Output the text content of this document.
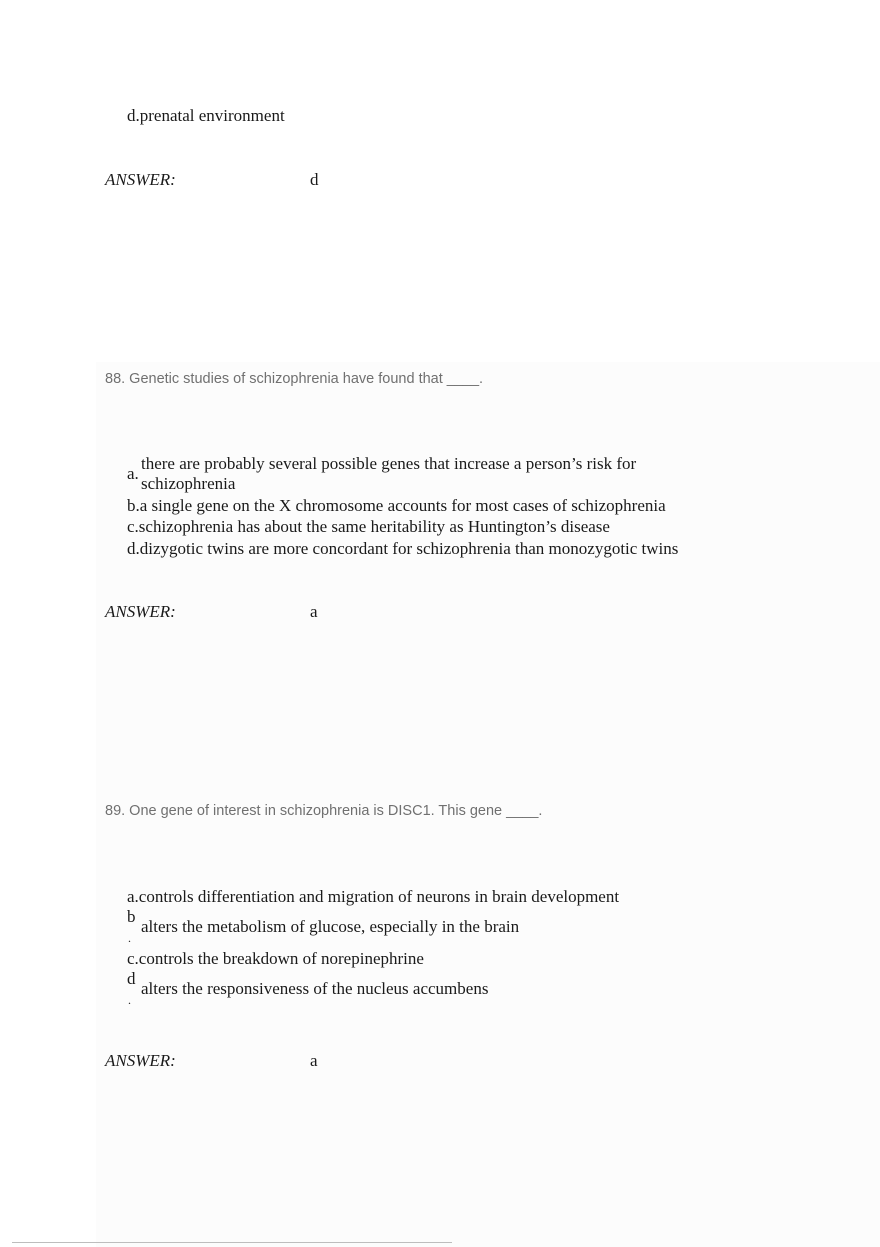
d.prenatal environment
ANSWER:	d
88. Genetic studies of schizophrenia have found that ____.
a.
there are probably several possible genes that increase a person’s risk for
schizophrenia
b.a single gene on the X chromosome accounts for most cases of schizophrenia
c.schizophrenia has about the same heritability as Huntington’s disease
d.dizygotic twins are more concordant for schizophrenia than monozygotic twins
ANSWER:	a
89. One gene of interest in schizophrenia is DISC1. This gene ____.
a.controls differentiation and migration of neurons in brain development
b
.
alters the metabolism of glucose, especially in the brain
c.controls the breakdown of norepinephrine
d
.
alters the responsiveness of the nucleus accumbens
ANSWER:	a
